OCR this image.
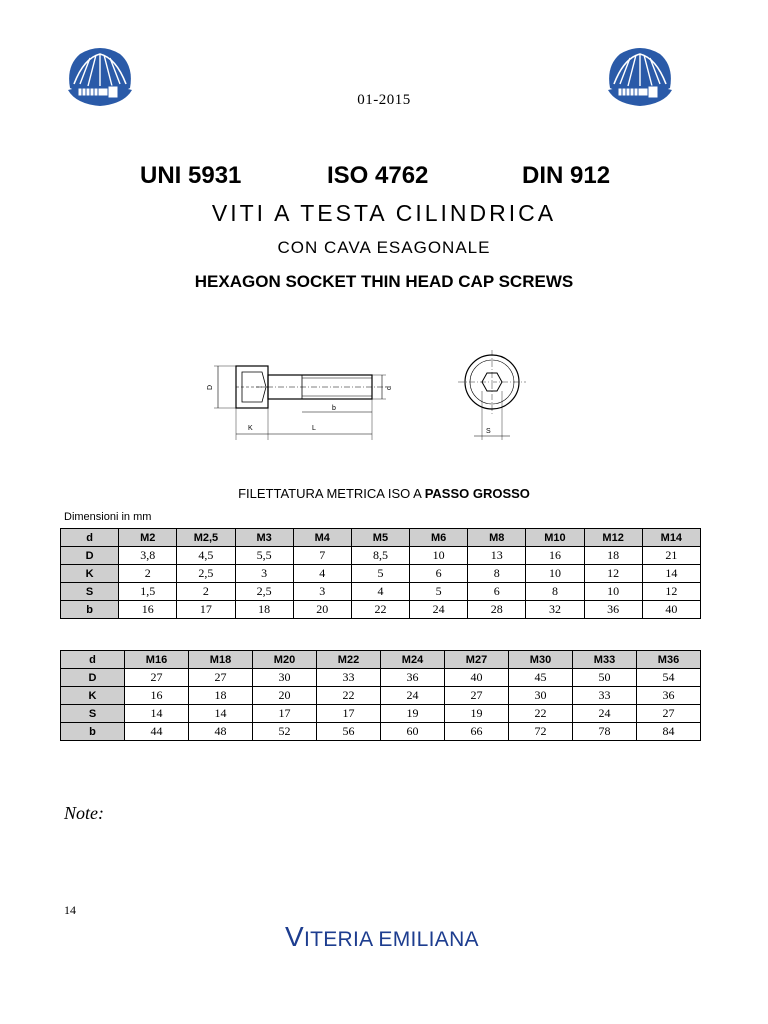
01-2015
UNI 5931	ISO 4762	DIN 912
VITI A TESTA CILINDRICA
CON CAVA ESAGONALE
HEXAGON SOCKET THIN HEAD CAP SCREWS
D	d
b
K	L	S
FILETTATURA METRICA ISO A PASSO GROSSO
Dimensioni in mm
d	M2	M2,5	M3	M4	M5	M6	M8	M10	M12	M14
D	3,8	4,5	5,5	7	8,5	10	13	16	18	21
K	2	2,5	3	4	5	6	8	10	12	14
S	1,5	2	2,5	3	4	5	6	8	10	12
b	16	17	18	20	22	24	28	32	36	40
d	M16	M18	M20	M22	M24	M27	M30	M33	M36
D	27	27	30	33	36	40	45	50	54
K	16	18	20	22	24	27	30	33	36
S	14	14	17	17	19	19	22	24	27
b	44	48	52	56	60	66	72	78	84
Note:
14
VITERIA EMILIANA
